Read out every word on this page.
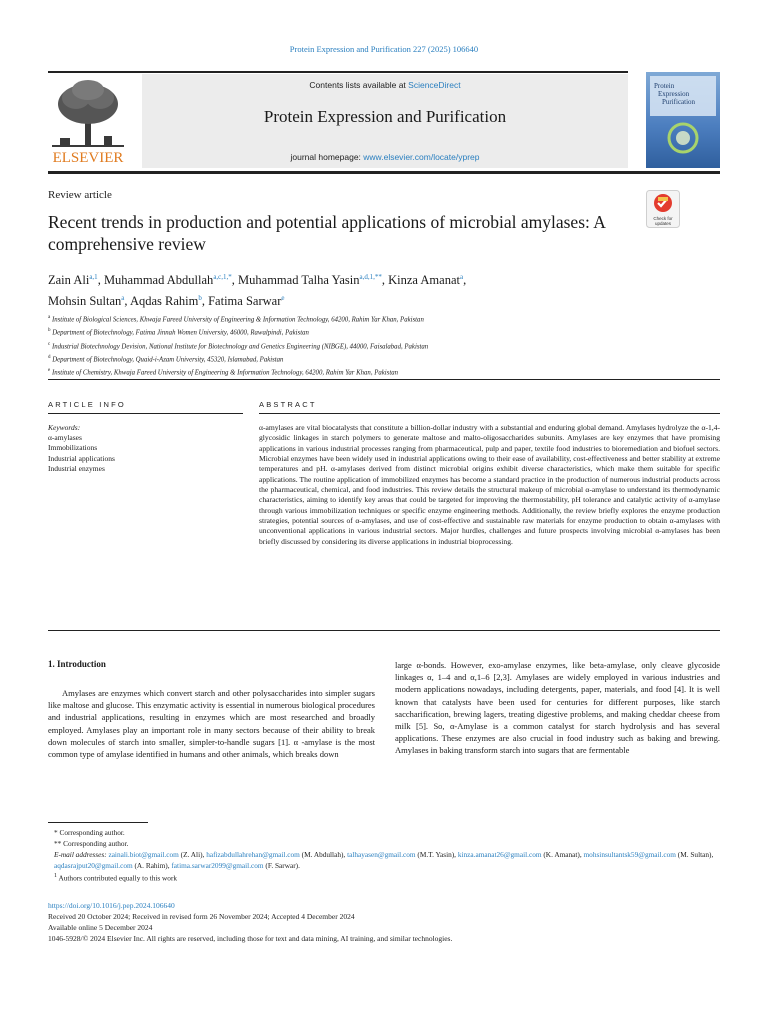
Protein Expression and Purification 227 (2025) 106640
ELSEVIER
Contents lists available at ScienceDirect
Protein Expression and Purification
journal homepage: www.elsevier.com/locate/yprep
Protein
Expression
Purification
Review article
Recent trends in production and potential applications of microbial amylases: A comprehensive review
Check for
updates
Zain Ali$^{a,1}$, Muhammad Abdullah$^{a,c,1,*}$, Muhammad Talha Yasin$^{a,d,1,**}$, Kinza Amanat$^a$,
Mohsin Sultan$^a$, Aqdas Rahim$^b$, Fatima Sarwar$^e$
$^a$ Institute of Biological Sciences, Khwaja Fareed University of Engineering & Information Technology, 64200, Rahim Yar Khan, Pakistan
$^b$ Department of Biotechnology, Fatima Jinnah Women University, 46000, Rawalpindi, Pakistan
$^c$ Industrial Biotechnology Devision, National Institute for Biotechnology and Genetics Engineering (NIBGE), 44000, Faisalabad, Pakistan
$^d$ Department of Biotechnology, Quaid-i-Azam University, 45320, Islamabad, Pakistan
$^e$ Institute of Chemistry, Khwaja Fareed University of Engineering & Information Technology, 64200, Rahim Yar Khan, Pakistan
ARTICLE INFO	ABSTRACT
Keywords:
α-amylases
Immobilizations
Industrial applications
Industrial enzymes
α-amylases are vital biocatalysts that constitute a billion-dollar industry with a substantial and enduring global demand. Amylases hydrolyze the α-1,4-glycosidic linkages in starch polymers to generate maltose and malto-oligosaccharides subunits. Amylases are key enzymes that have promising applications in various industrial processes ranging from pharmaceutical, pulp and paper, textile food industries to bioremediation and biofuel sectors. Microbial enzymes have been widely used in industrial applications owing to their ease of availability, cost-effectiveness and better stability at extreme temperatures and pH. α-amylases derived from distinct microbial origins exhibit diverse characteristics, which make them suitable for specific applications. The routine application of immobilized enzymes has become a standard practice in the production of numerous industrial products across the pharmaceutical, chemical, and food industries. This review details the structural makeup of microbial α-amylase to understand its thermodynamic characteristics, aiming to identify key areas that could be targeted for improving the thermostability, pH tolerance and catalytic activity of α-amylase through various immobilization techniques or specific enzyme engineering methods. Additionally, the review briefly explores the enzyme production strategies, potential sources of α-amylases, and use of cost-effective and sustainable raw materials for enzyme production to obtain α-amylases with unconventional applications in various industrial sectors. Major hurdles, challenges and future prospects involving microbial α-amylases has been briefly discussed by considering its diverse applications in industrial bioprocessing.
1. Introduction
Amylases are enzymes which convert starch and other polysaccharides into simpler sugars like maltose and glucose. This enzymatic activity is essential in numerous biological procedures and industrial applications, resulting in enzymes which are most researched and broadly employed. Amylases play an important role in many sectors because of their ability to break down molecules of starch into smaller, simpler-to-handle sugars [1]. α -amylase is the most common type of amylase identified in humans and other animals, which breaks down
large α-bonds. However, exo-amylase enzymes, like beta-amylase, only cleave glycoside linkages α, 1–4 and α,1–6 [2,3]. Amylases are widely employed in various industries and modern applications nowadays, including detergents, paper, materials, and food [4]. It is well known that catalysts have been used for centuries for different purposes, like starch saccharification, brewing lagers, treating digestive problems, and making cheddar cheese from milk [5]. So, α-Amylase is a common catalyst for starch hydrolysis and has several applications. These enzymes are also crucial in food industry such as baking and brewing. Amylases in baking transform starch into sugars that are fermentable
* Corresponding author.
** Corresponding author.
E-mail addresses: zainali.biot@gmail.com (Z. Ali), hafizabdullahrehan@gmail.com (M. Abdullah), talhayasen@gmail.com (M.T. Yasin), kinza.amanat26@gmail.com (K. Amanat), mohsinsultantsk59@gmail.com (M. Sultan), aqdasrajput20@gmail.com (A. Rahim), fatima.sarwar2099@gmail.com (F. Sarwar).
$^1$ Authors contributed equally to this work
https://doi.org/10.1016/j.pep.2024.106640
Received 20 October 2024; Received in revised form 26 November 2024; Accepted 4 December 2024
Available online 5 December 2024
1046-5928/© 2024 Elsevier Inc. All rights are reserved, including those for text and data mining, AI training, and similar technologies.
